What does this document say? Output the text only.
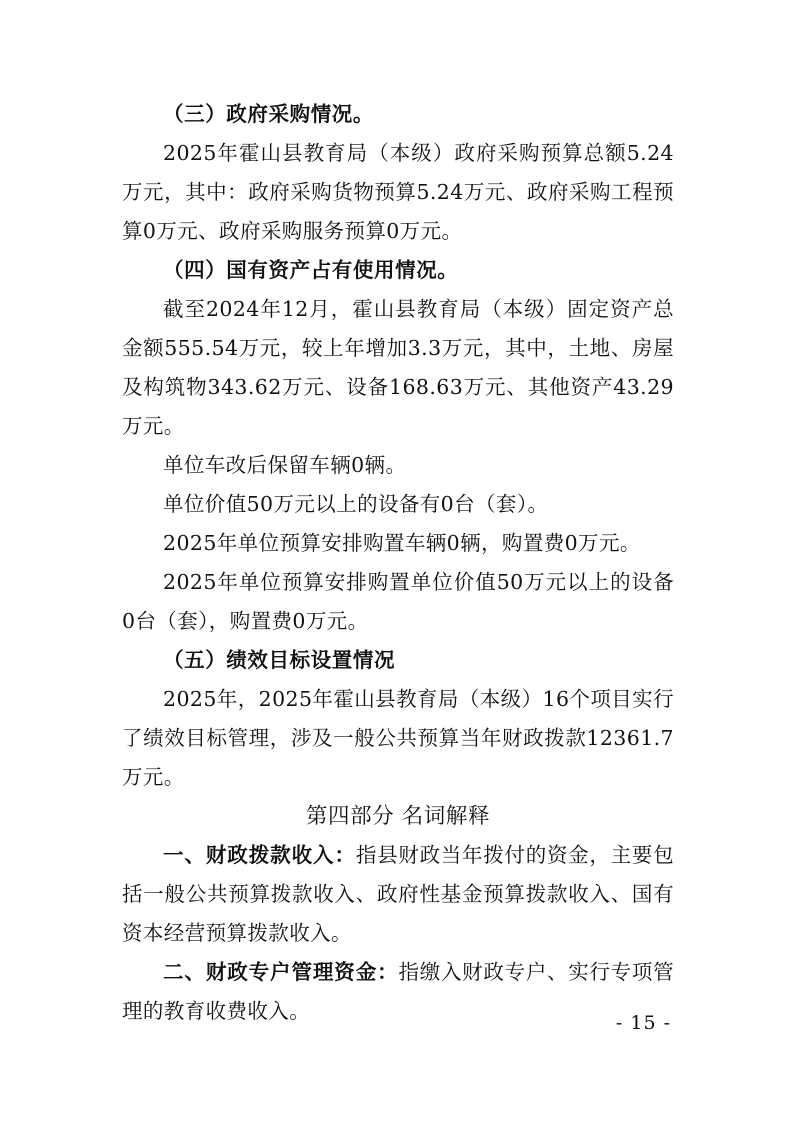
（三）政府采购情况。

2025年霍山县教育局（本级）政府采购预算总额5.24万元，其中：政府采购货物预算5.24万元、政府采购工程预算0万元、政府采购服务预算0万元。

（四）国有资产占有使用情况。

截至2024年12月，霍山县教育局（本级）固定资产总金额555.54万元，较上年增加3.3万元，其中，土地、房屋及构筑物343.62万元、设备168.63万元、其他资产43.29万元。

单位车改后保留车辆0辆。

单位价值50万元以上的设备有0台（套）。

2025年单位预算安排购置车辆0辆，购置费0万元。

2025年单位预算安排购置单位价值50万元以上的设备0台（套），购置费0万元。

（五）绩效目标设置情况

2025年，2025年霍山县教育局（本级）16个项目实行了绩效目标管理，涉及一般公共预算当年财政拨款12361.7万元。

第四部分 名词解释

一、财政拨款收入：指县财政当年拨付的资金，主要包括一般公共预算拨款收入、政府性基金预算拨款收入、国有资本经营预算拨款收入。

二、财政专户管理资金：指缴入财政专户、实行专项管理的教育收费收入。	- 15 -
